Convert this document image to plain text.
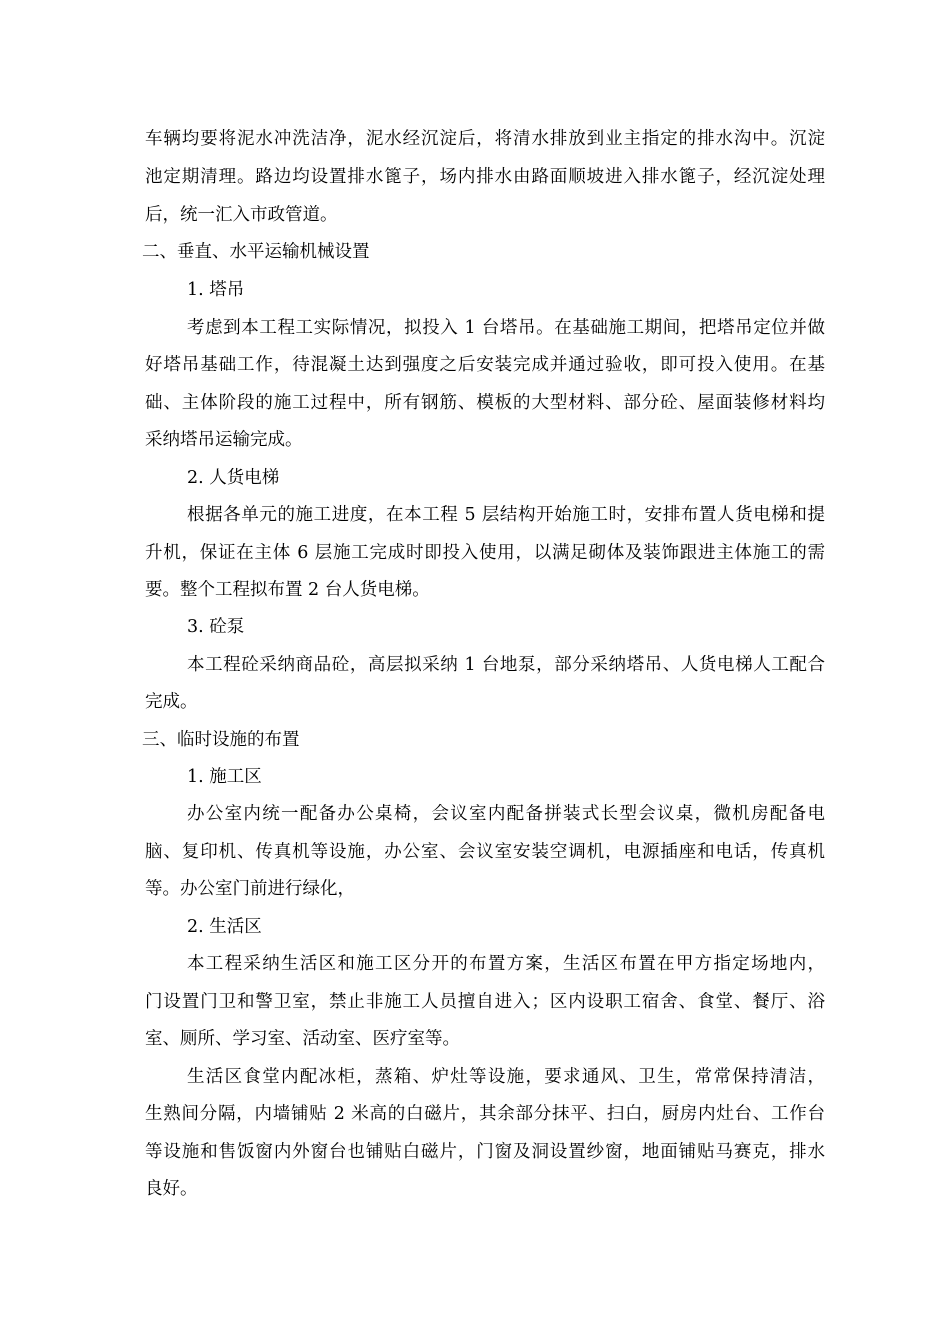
车辆均要将泥水冲洗洁净，泥水经沉淀后，将清水排放到业主指定的排水沟中。沉淀
池定期清理。路边均设置排水篦子，场内排水由路面顺坡进入排水篦子，经沉淀处理
后，统一汇入市政管道。
二、垂直、水平运输机械设置
1. 塔吊
考虑到本工程工实际情况，拟投入 1 台塔吊。在基础施工期间，把塔吊定位并做
好塔吊基础工作，待混凝土达到强度之后安装完成并通过验收，即可投入使用。在基
础、主体阶段的施工过程中，所有钢筋、模板的大型材料、部分砼、屋面装修材料均
采纳塔吊运输完成。
2. 人货电梯
根据各单元的施工进度，在本工程 5 层结构开始施工时，安排布置人货电梯和提
升机，保证在主体 6 层施工完成时即投入使用，以满足砌体及装饰跟进主体施工的需
要。整个工程拟布置 2 台人货电梯。
3. 砼泵
本工程砼采纳商品砼，高层拟采纳 1 台地泵，部分采纳塔吊、人货电梯人工配合
完成。
三、临时设施的布置
1. 施工区
办公室内统一配备办公桌椅，会议室内配备拼装式长型会议桌，微机房配备电
脑、复印机、传真机等设施，办公室、会议室安装空调机，电源插座和电话，传真机
等。办公室门前进行绿化，
2. 生活区
本工程采纳生活区和施工区分开的布置方案，生活区布置在甲方指定场地内，
门设置门卫和警卫室，禁止非施工人员擅自进入；区内设职工宿舍、食堂、餐厅、浴
室、厕所、学习室、活动室、医疗室等。
生活区食堂内配冰柜，蒸箱、炉灶等设施，要求通风、卫生，常常保持清洁，
生熟间分隔，内墙铺贴 2 米高的白磁片，其余部分抹平、扫白，厨房内灶台、工作台
等设施和售饭窗内外窗台也铺贴白磁片，门窗及洞设置纱窗，地面铺贴马赛克，排水
良好。
